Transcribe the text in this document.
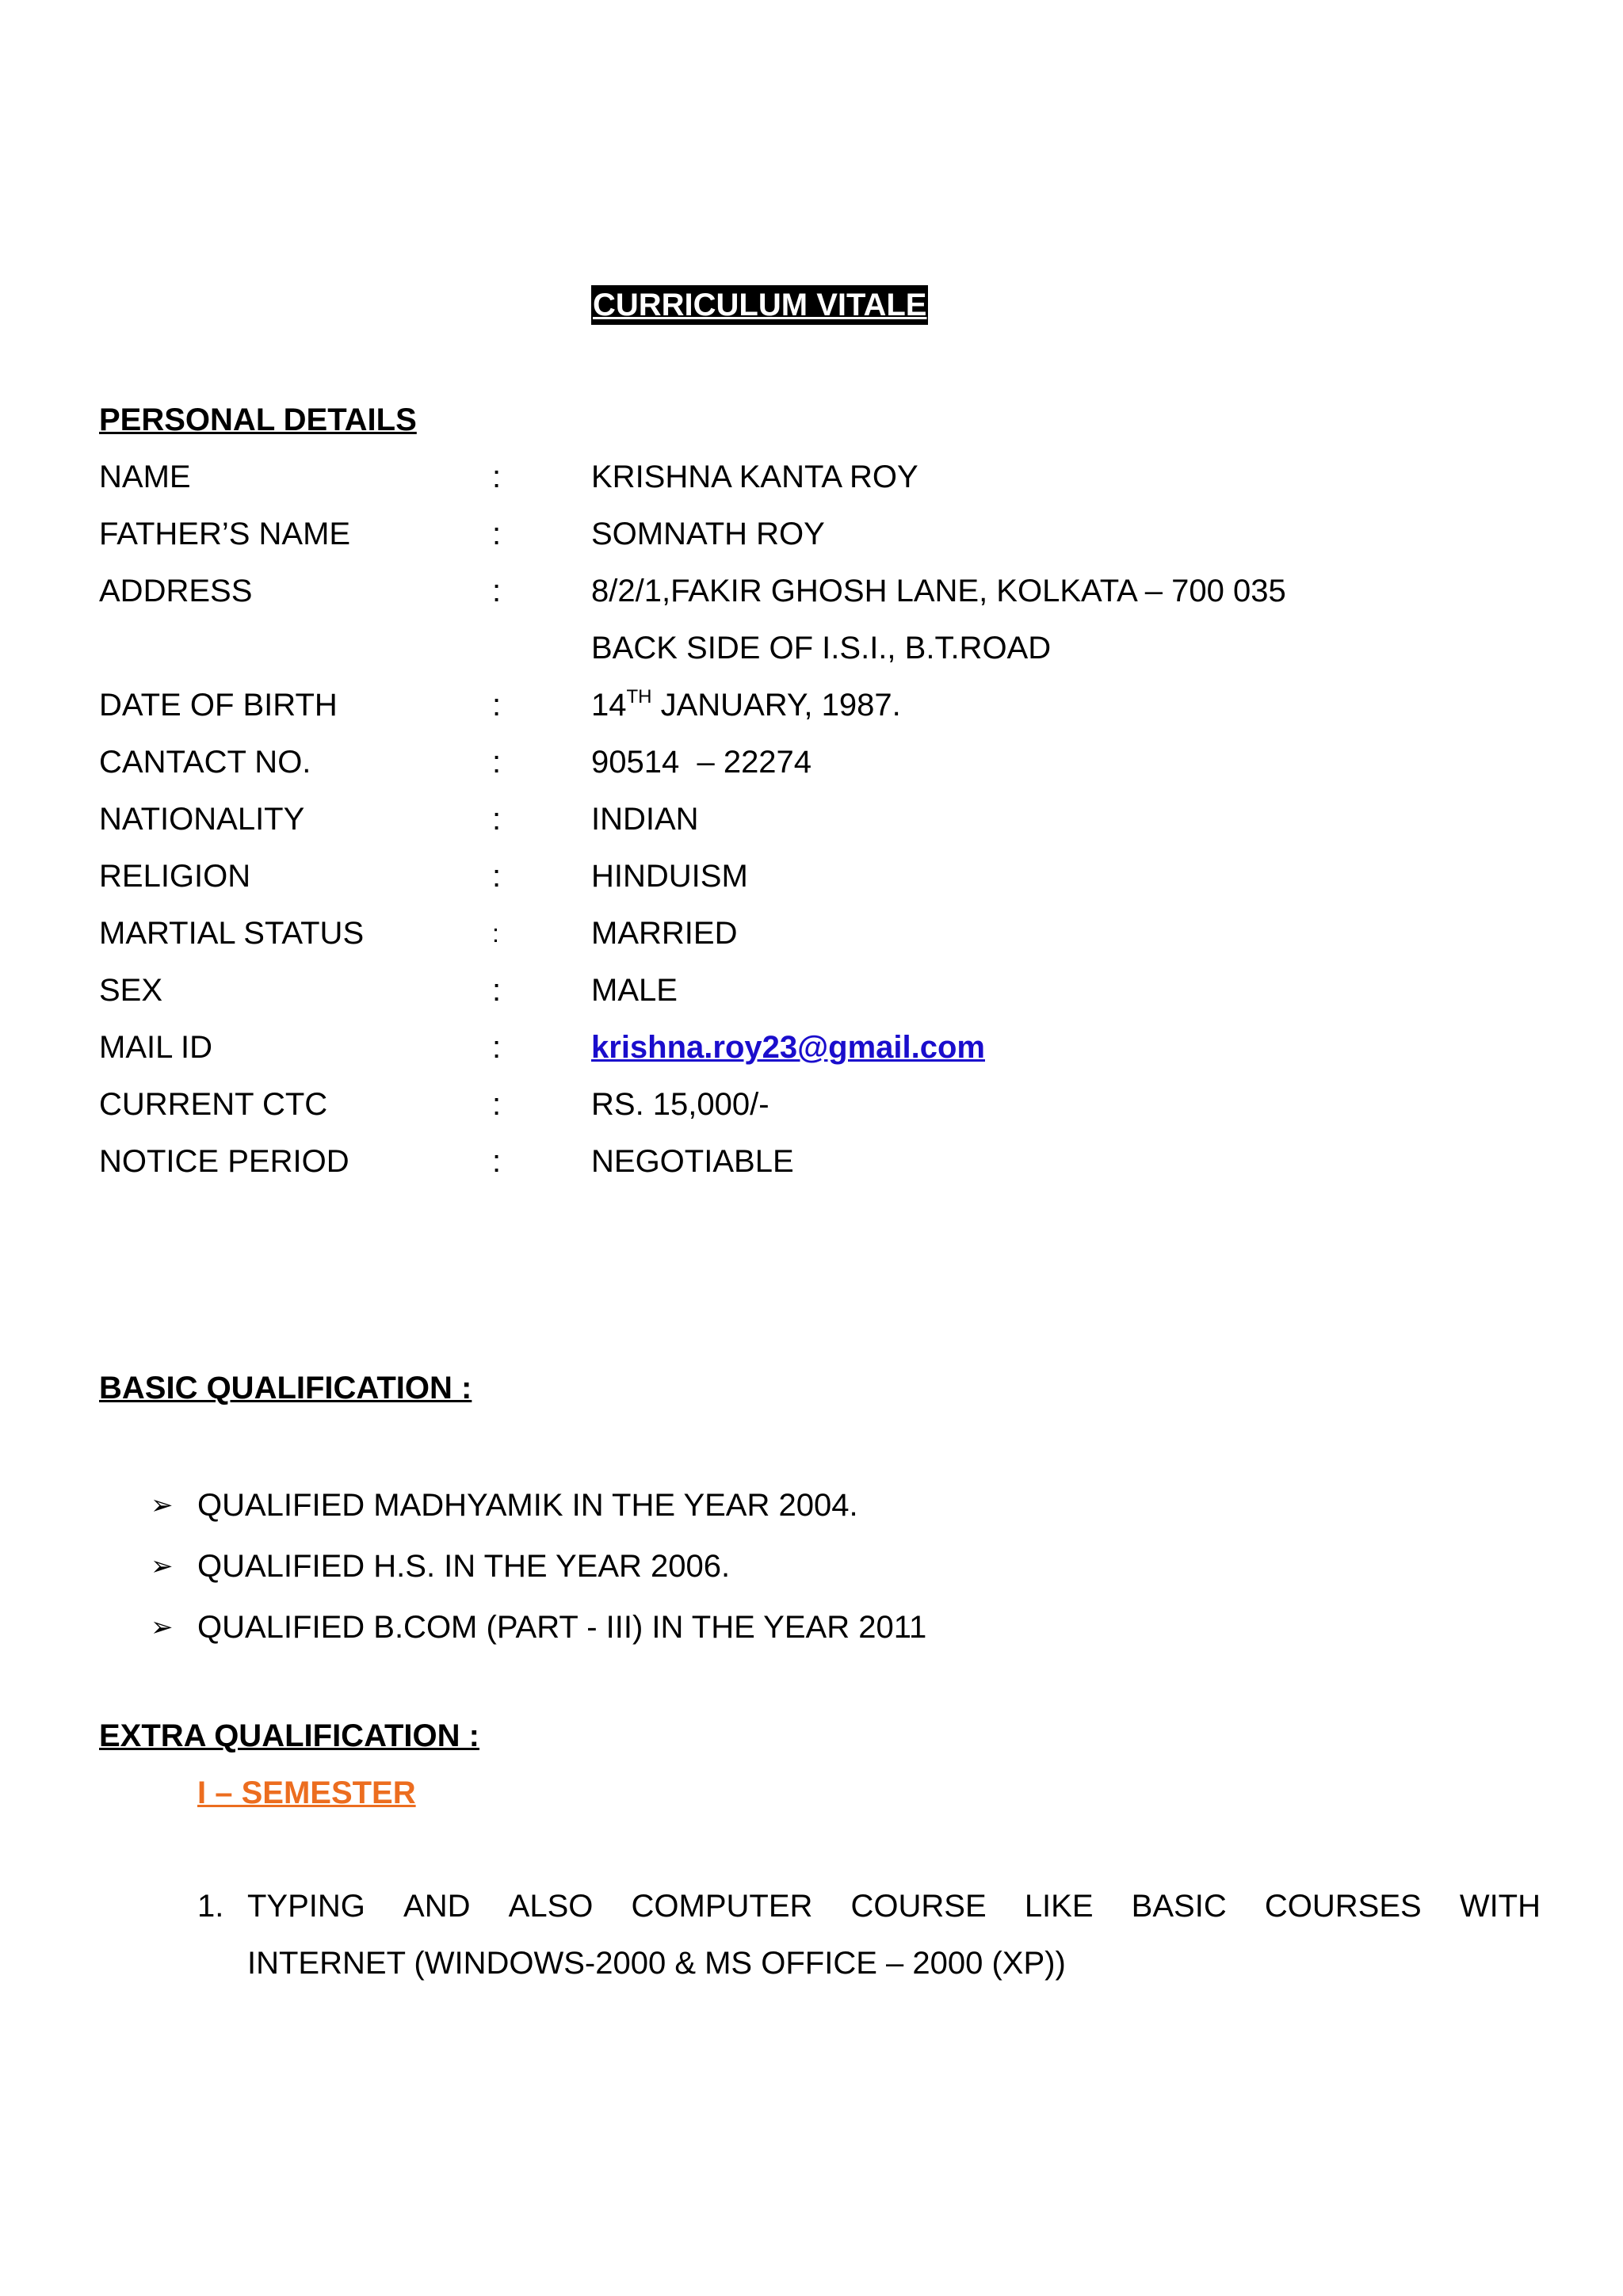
CURRICULUM VITALE
PERSONAL DETAILS
NAME	:	KRISHNA KANTA ROY
FATHER’S NAME	:	SOMNATH ROY
ADDRESS	:	8/2/1,FAKIR GHOSH LANE, KOLKATA – 700 035
BACK SIDE OF I.S.I., B.T.ROAD
DATE OF BIRTH	:	14TH JANUARY, 1987.
CANTACT NO.	:	90514  – 22274
NATIONALITY	:	INDIAN
RELIGION	:	HINDUISM
MARTIAL STATUS	:	MARRIED
SEX	:	MALE
MAIL ID	:	krishna.roy23@gmail.com
CURRENT CTC	:	RS. 15,000/-
NOTICE PERIOD	:	NEGOTIABLE
BASIC QUALIFICATION :
➢ QUALIFIED MADHYAMIK IN THE YEAR 2004.
➢ QUALIFIED H.S. IN THE YEAR 2006.
➢ QUALIFIED B.COM (PART - III) IN THE YEAR 2011
EXTRA QUALIFICATION :
I – SEMESTER
1. TYPING AND ALSO COMPUTER COURSE LIKE BASIC COURSES WITH
INTERNET (WINDOWS-2000 & MS OFFICE – 2000 (XP))
